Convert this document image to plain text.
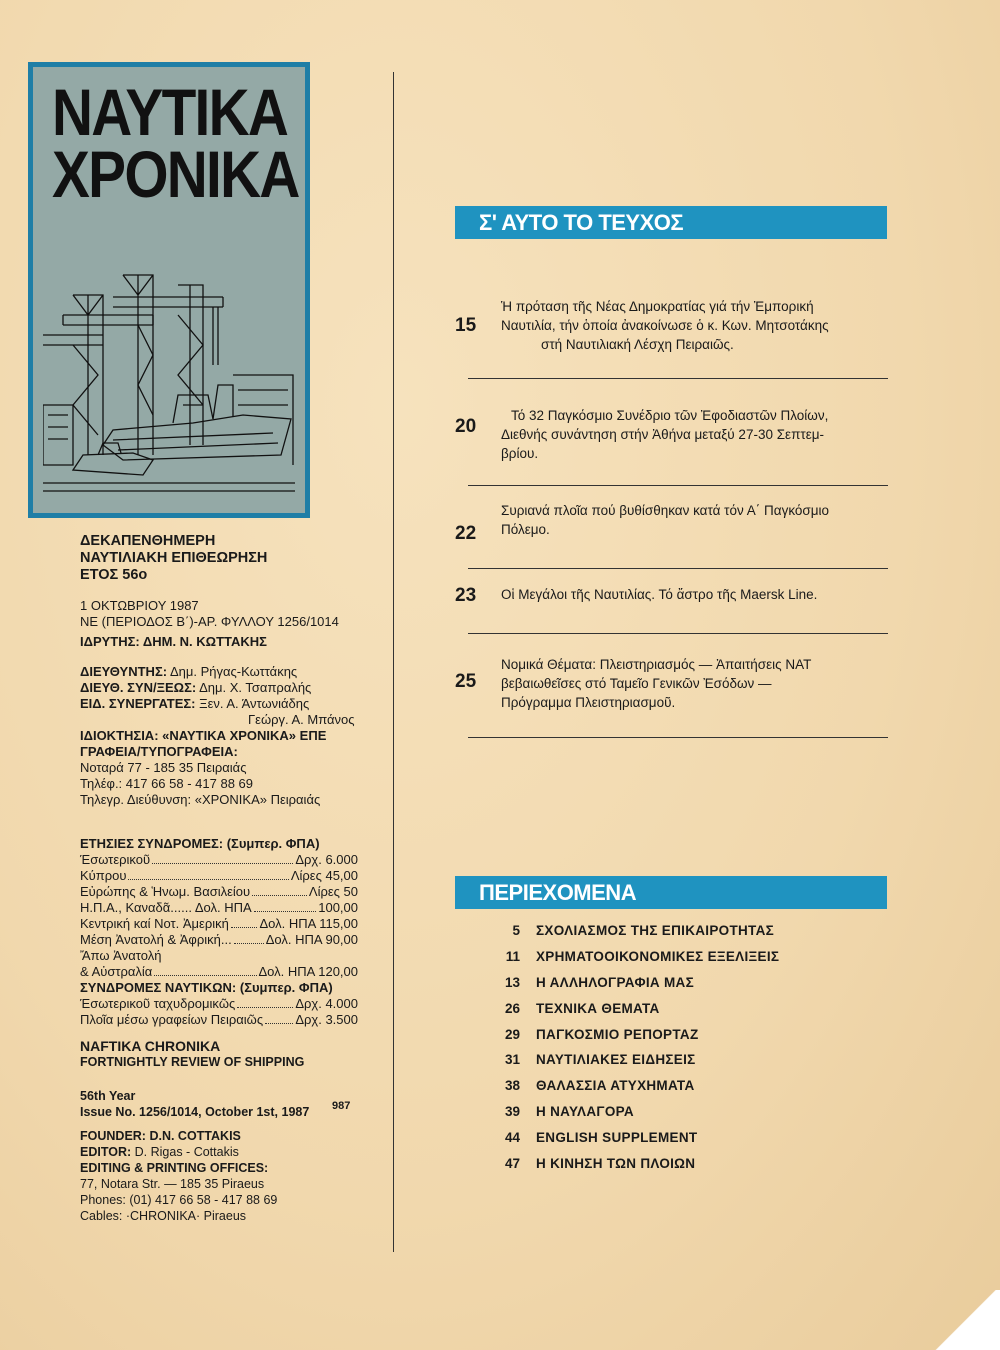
ΝΑΥΤΙΚΑ
ΧΡΟΝΙΚΑ
ΔΕΚΑΠΕΝΘΗΜΕΡΗ
ΝΑΥΤΙΛΙΑΚΗ ΕΠΙΘΕΩΡΗΣΗ
ΕΤΟΣ 56ο
1 ΟΚΤΩΒΡΙΟΥ 1987
ΝΕ (ΠΕΡΙΟΔΟΣ Β΄)-ΑΡ. ΦΥΛΛΟΥ 1256/1014
ΙΔΡΥΤΗΣ: ΔΗΜ. Ν. ΚΩΤΤΑΚΗΣ
ΔΙΕΥΘΥΝΤΗΣ: Δημ. Ρήγας-Κωττάκης
ΔΙΕΥΘ. ΣΥΝ/ΞΕΩΣ: Δημ. Χ. Τσαπραλής
ΕΙΔ. ΣΥΝΕΡΓΑΤΕΣ: Ξεν. Α. Άντωνιάδης
Γεώργ. Α. Μπάνος
ΙΔΙΟΚΤΗΣΙΑ: «ΝΑΥΤΙΚΑ ΧΡΟΝΙΚΑ» ΕΠΕ
ΓΡΑΦΕΙΑ/ΤΥΠΟΓΡΑΦΕΙΑ:
Νοταρά 77 - 185 35 Πειραιάς
Τηλέφ.: 417 66 58 - 417 88 69
Τηλεγρ. Διεύθυνση: «ΧΡΟΝΙΚΑ» Πειραιάς
ΕΤΗΣΙΕΣ ΣΥΝΔΡΟΜΕΣ: (Συμπερ. ΦΠΑ)
Έσωτερικοῦ	Δρχ. 6.000
Κύπρου	Λίρες 45,00
Εὐρώπης & Ἡνωμ. Βασιλείου	Λίρες 50
Η.Π.Α., Καναδᾶ...... Δολ. ΗΠΑ	100,00
Κεντρική καί Νοτ. Ἀμερική Δολ. ΗΠΑ 115,00
Μέση Ἀνατολή & Ἀφρική...	Δολ. ΗΠΑ 90,00
Ἄπω Ἀνατολή
& Αὐστραλία	Δολ. ΗΠΑ 120,00
ΣΥΝΔΡΟΜΕΣ ΝΑΥΤΙΚΩΝ: (Συμπερ. ΦΠΑ)
Έσωτερικοῦ ταχυδρομικῶς	Δρχ. 4.000
Πλοῖα μέσω γραφείων Πειραιῶς Δρχ. 3.500
NAFTIKA CHRONIKA
FORTNIGHTLY REVIEW OF SHIPPING
56th Year
Issue No. 1256/1014, October 1st, 1987 987
FOUNDER: D.N. COTTAKIS
EDITOR: D. Rigas - Cottakis
EDITING & PRINTING OFFICES:
77, Notara Str. — 185 35 Piraeus
Phones: (01) 417 66 58 - 417 88 69
Cables: ·CHRONIKA· Piraeus
Σ' ΑΥΤΟ ΤΟ ΤΕΥΧΟΣ
15
Ἡ πρόταση τῆς Νέας Δημοκρατίας γιά τήν Ἐμπορική
Ναυτιλία, τήν ὁποία ἀνακοίνωσε ὁ κ. Κων. Μητσοτάκης
στή Ναυτιλιακή Λέσχη Πειραιῶς.
20
Τό 32 Παγκόσμιο Συνέδριο τῶν Ἐφοδιαστῶν Πλοίων,
Διεθνής συνάντηση στήν Ἀθήνα μεταξύ 27-30 Σεπτεμ-
βρίου.
22
Συριανά πλοῖα πού βυθίσθηκαν κατά τόν Α΄ Παγκόσμιο
Πόλεμο.
23 Οἱ Μεγάλοι τῆς Ναυτιλίας. Τό ἄστρο τῆς Maersk Line.
25
Νομικά Θέματα: Πλειστηριασμός — Ἀπαιτήσεις ΝΑΤ
βεβαιωθεῖσες στό Ταμεῖο Γενικῶν Ἐσόδων —
Πρόγραμμα Πλειστηριασμοῦ.
ΠΕΡΙΕΧΟΜΕΝΑ
5 ΣΧΟΛΙΑΣΜΟΣ ΤΗΣ ΕΠΙΚΑΙΡΟΤΗΤΑΣ
11 ΧΡΗΜΑΤΟΟΙΚΟΝΟΜΙΚΕΣ ΕΞΕΛΙΞΕΙΣ
13 Η ΑΛΛΗΛΟΓΡΑΦΙΑ ΜΑΣ
26 ΤΕΧΝΙΚΑ ΘΕΜΑΤΑ
29 ΠΑΓΚΟΣΜΙΟ ΡΕΠΟΡΤΑΖ
31 ΝΑΥΤΙΛΙΑΚΕΣ ΕΙΔΗΣΕΙΣ
38 ΘΑΛΑΣΣΙΑ ΑΤΥΧΗΜΑΤΑ
39 Η ΝΑΥΛΑΓΟΡΑ
44 ENGLISH SUPPLEMENT
47 Η ΚΙΝΗΣΗ ΤΩΝ ΠΛΟΙΩΝ
